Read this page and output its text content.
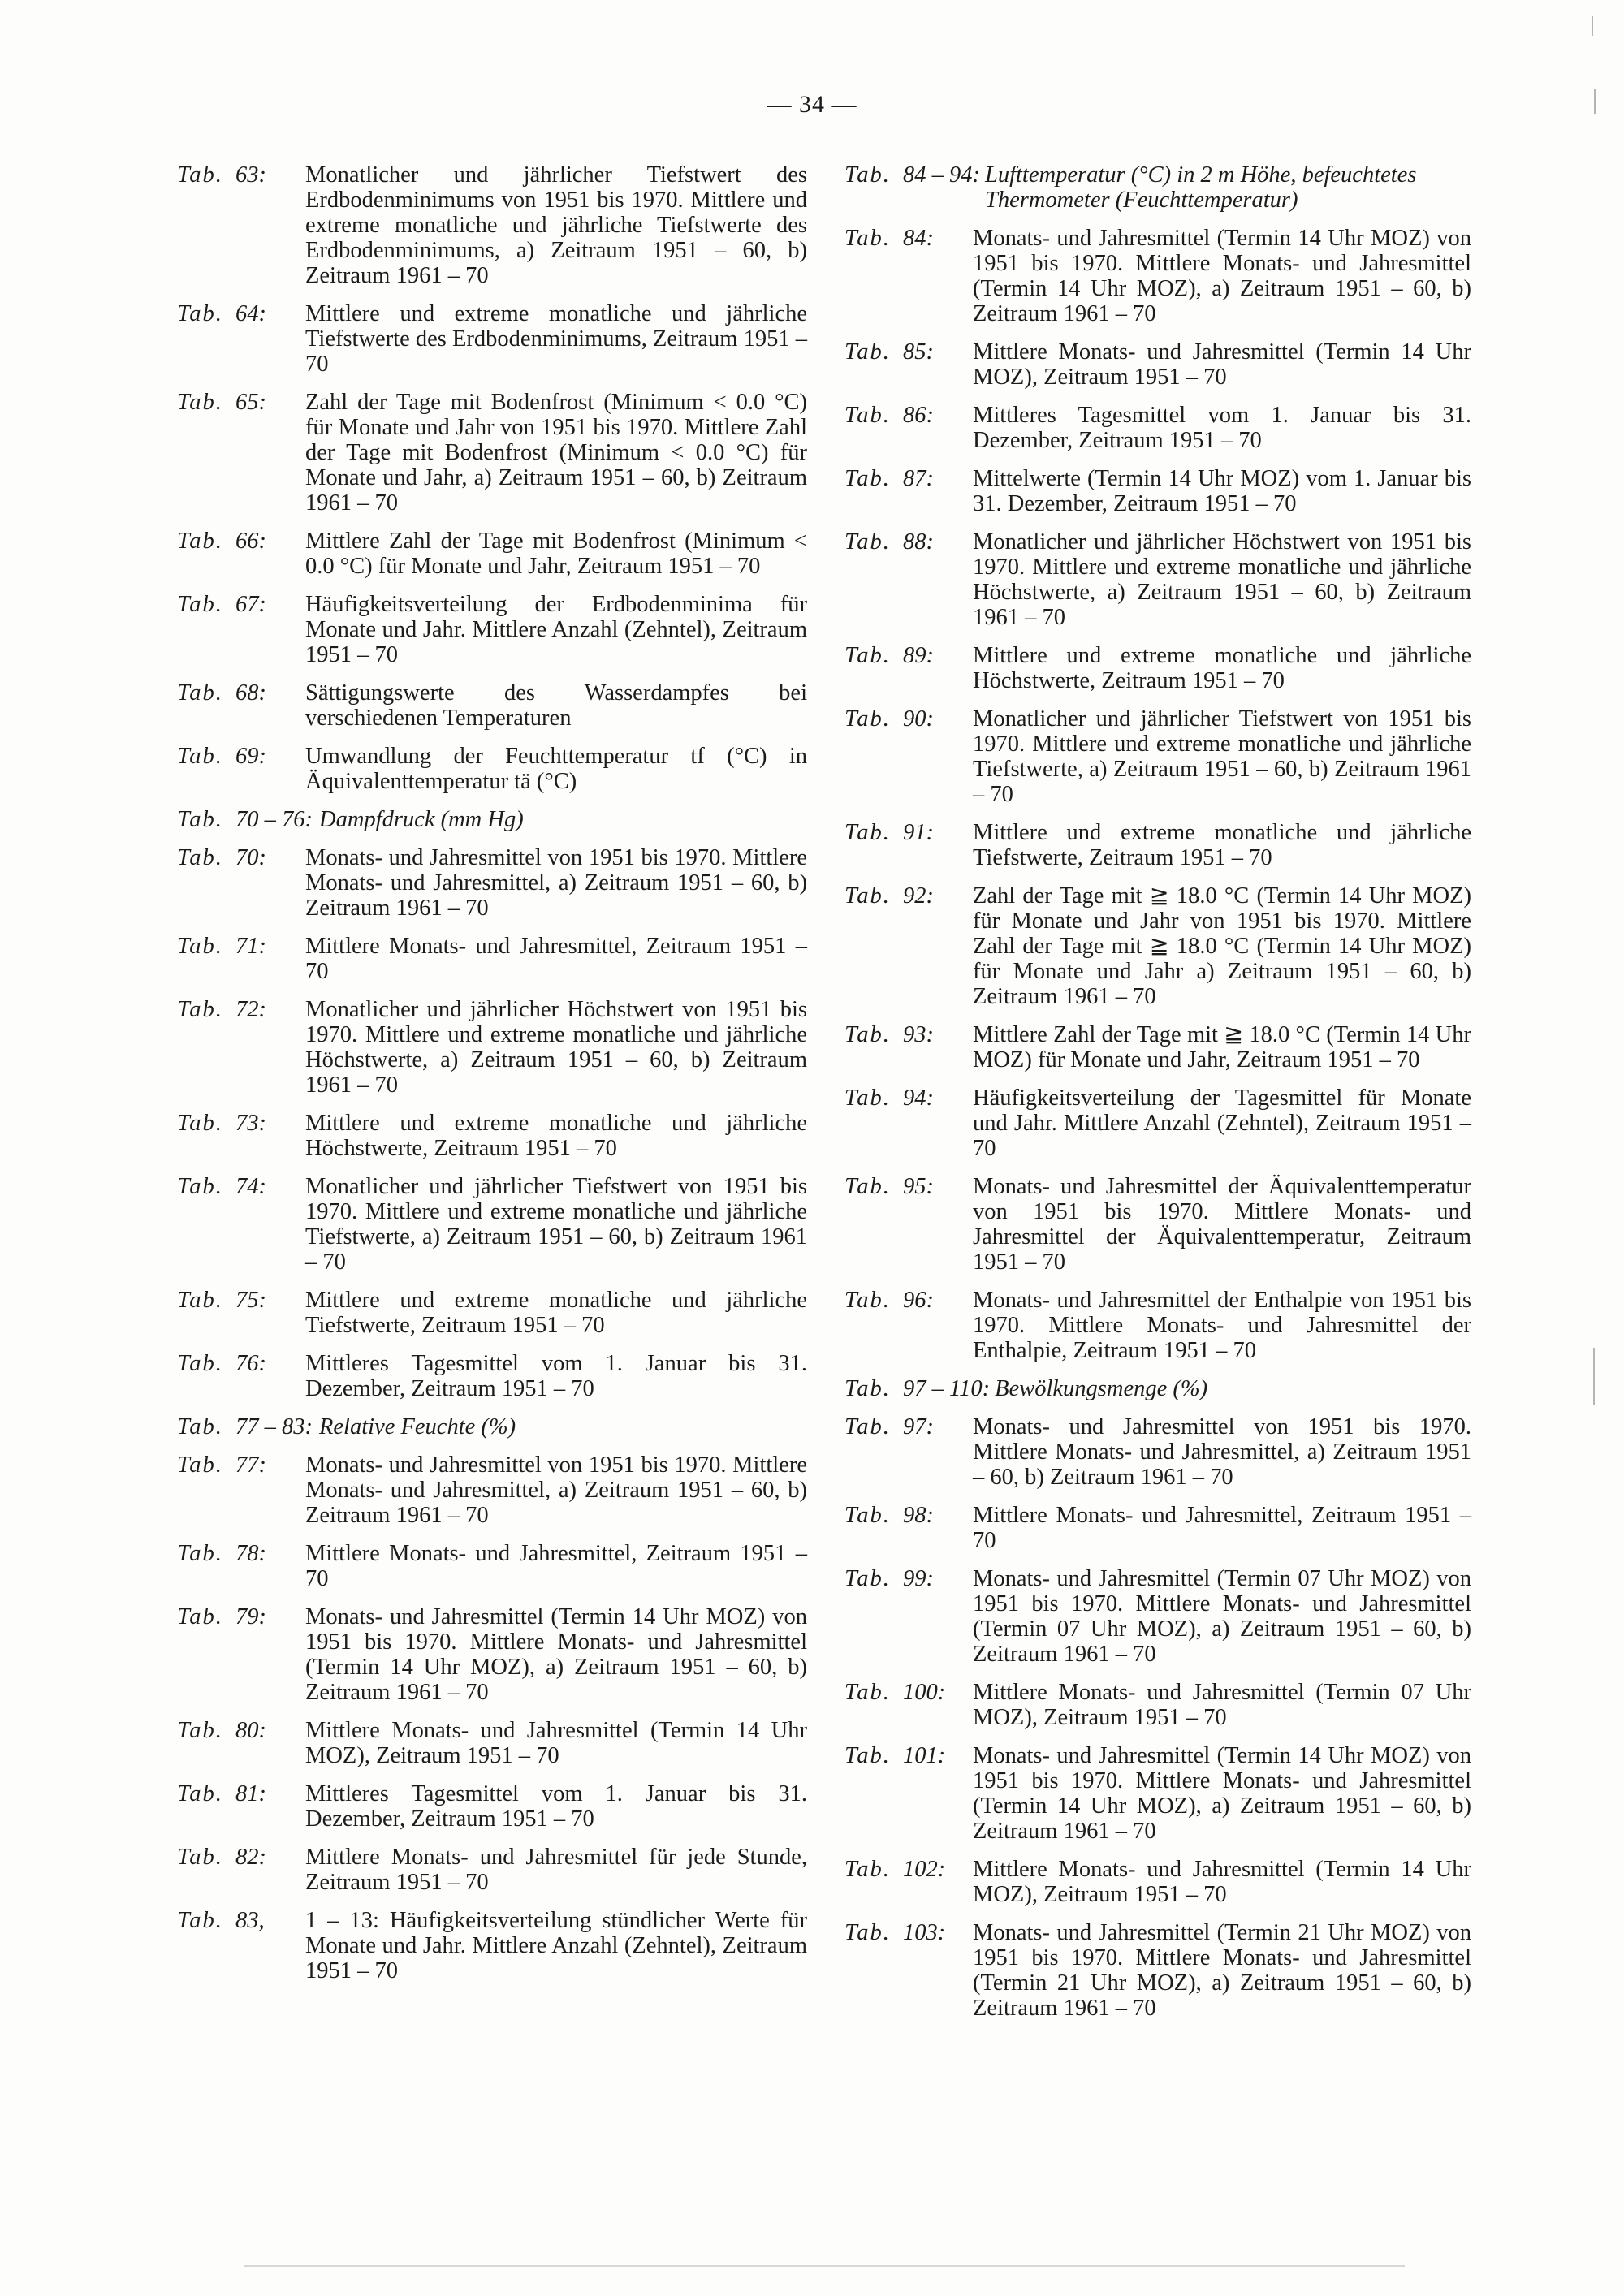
— 34 —
Tab. 63:	Monatlicher und jährlicher Tiefstwert des Erdbodenminimums von 1951 bis 1970. Mittlere und extreme monatliche und jährliche Tiefstwerte des Erdbodenminimums, a) Zeitraum 1951 – 60, b) Zeitraum 1961 – 70
Tab. 64:	Mittlere und extreme monatliche und jährliche Tiefstwerte des Erdbodenminimums, Zeitraum 1951 – 70
Tab. 65:	Zahl der Tage mit Bodenfrost (Minimum < 0.0 °C) für Monate und Jahr von 1951 bis 1970. Mittlere Zahl der Tage mit Bodenfrost (Minimum < 0.0 °C) für Monate und Jahr, a) Zeitraum 1951 – 60, b) Zeitraum 1961 – 70
Tab. 66:	Mittlere Zahl der Tage mit Bodenfrost (Minimum < 0.0 °C) für Monate und Jahr, Zeitraum 1951 – 70
Tab. 67:	Häufigkeitsverteilung der Erdbodenminima für Monate und Jahr. Mittlere Anzahl (Zehntel), Zeitraum 1951 – 70
Tab. 68:	Sättigungswerte des Wasserdampfes bei verschiedenen Temperaturen
Tab. 69:	Umwandlung der Feuchttemperatur tf (°C) in Äquivalenttemperatur tä (°C)
Tab. 70 – 76: Dampfdruck (mm Hg)
Tab. 70:	Monats- und Jahresmittel von 1951 bis 1970. Mittlere Monats- und Jahresmittel, a) Zeitraum 1951 – 60, b) Zeitraum 1961 – 70
Tab. 71:	Mittlere Monats- und Jahresmittel, Zeitraum 1951 – 70
Tab. 72:	Monatlicher und jährlicher Höchstwert von 1951 bis 1970. Mittlere und extreme monatliche und jährliche Höchstwerte, a) Zeitraum 1951 – 60, b) Zeitraum 1961 – 70
Tab. 73:	Mittlere und extreme monatliche und jährliche Höchstwerte, Zeitraum 1951 – 70
Tab. 74:	Monatlicher und jährlicher Tiefstwert von 1951 bis 1970. Mittlere und extreme monatliche und jährliche Tiefstwerte, a) Zeitraum 1951 – 60, b) Zeitraum 1961 – 70
Tab. 75:	Mittlere und extreme monatliche und jährliche Tiefstwerte, Zeitraum 1951 – 70
Tab. 76:	Mittleres Tagesmittel vom 1. Januar bis 31. Dezember, Zeitraum 1951 – 70
Tab. 77 – 83: Relative Feuchte (%)
Tab. 77:	Monats- und Jahresmittel von 1951 bis 1970. Mittlere Monats- und Jahresmittel, a) Zeitraum 1951 – 60, b) Zeitraum 1961 – 70
Tab. 78:	Mittlere Monats- und Jahresmittel, Zeitraum 1951 – 70
Tab. 79:	Monats- und Jahresmittel (Termin 14 Uhr MOZ) von 1951 bis 1970. Mittlere Monats- und Jahresmittel (Termin 14 Uhr MOZ), a) Zeitraum 1951 – 60, b) Zeitraum 1961 – 70
Tab. 80:	Mittlere Monats- und Jahresmittel (Termin 14 Uhr MOZ), Zeitraum 1951 – 70
Tab. 81:	Mittleres Tagesmittel vom 1. Januar bis 31. Dezember, Zeitraum 1951 – 70
Tab. 82:	Mittlere Monats- und Jahresmittel für jede Stunde, Zeitraum 1951 – 70
Tab. 83,	1 – 13: Häufigkeitsverteilung stündlicher Werte für Monate und Jahr. Mittlere Anzahl (Zehntel), Zeitraum 1951 – 70
Tab. 84 – 94: Lufttemperatur (°C) in 2 m Höhe, befeuchtetes Thermometer (Feuchttemperatur)
Tab. 84:	Monats- und Jahresmittel (Termin 14 Uhr MOZ) von 1951 bis 1970. Mittlere Monats- und Jahresmittel (Termin 14 Uhr MOZ), a) Zeitraum 1951 – 60, b) Zeitraum 1961 – 70
Tab. 85:	Mittlere Monats- und Jahresmittel (Termin 14 Uhr MOZ), Zeitraum 1951 – 70
Tab. 86:	Mittleres Tagesmittel vom 1. Januar bis 31. Dezember, Zeitraum 1951 – 70
Tab. 87:	Mittelwerte (Termin 14 Uhr MOZ) vom 1. Januar bis 31. Dezember, Zeitraum 1951 – 70
Tab. 88:	Monatlicher und jährlicher Höchstwert von 1951 bis 1970. Mittlere und extreme monatliche und jährliche Höchstwerte, a) Zeitraum 1951 – 60, b) Zeitraum 1961 – 70
Tab. 89:	Mittlere und extreme monatliche und jährliche Höchstwerte, Zeitraum 1951 – 70
Tab. 90:	Monatlicher und jährlicher Tiefstwert von 1951 bis 1970. Mittlere und extreme monatliche und jährliche Tiefstwerte, a) Zeitraum 1951 – 60, b) Zeitraum 1961 – 70
Tab. 91:	Mittlere und extreme monatliche und jährliche Tiefstwerte, Zeitraum 1951 – 70
Tab. 92:	Zahl der Tage mit ≧ 18.0 °C (Termin 14 Uhr MOZ) für Monate und Jahr von 1951 bis 1970. Mittlere Zahl der Tage mit ≧ 18.0 °C (Termin 14 Uhr MOZ) für Monate und Jahr a) Zeitraum 1951 – 60, b) Zeitraum 1961 – 70
Tab. 93:	Mittlere Zahl der Tage mit ≧ 18.0 °C (Termin 14 Uhr MOZ) für Monate und Jahr, Zeitraum 1951 – 70
Tab. 94:	Häufigkeitsverteilung der Tagesmittel für Monate und Jahr. Mittlere Anzahl (Zehntel), Zeitraum 1951 – 70
Tab. 95:	Monats- und Jahresmittel der Äquivalenttemperatur von 1951 bis 1970. Mittlere Monats- und Jahresmittel der Äquivalenttemperatur, Zeitraum 1951 – 70
Tab. 96:	Monats- und Jahresmittel der Enthalpie von 1951 bis 1970. Mittlere Monats- und Jahresmittel der Enthalpie, Zeitraum 1951 – 70
Tab. 97 – 110: Bewölkungsmenge (%)
Tab. 97:	Monats- und Jahresmittel von 1951 bis 1970. Mittlere Monats- und Jahresmittel, a) Zeitraum 1951 – 60, b) Zeitraum 1961 – 70
Tab. 98:	Mittlere Monats- und Jahresmittel, Zeitraum 1951 – 70
Tab. 99:	Monats- und Jahresmittel (Termin 07 Uhr MOZ) von 1951 bis 1970. Mittlere Monats- und Jahresmittel (Termin 07 Uhr MOZ), a) Zeitraum 1951 – 60, b) Zeitraum 1961 – 70
Tab. 100:	Mittlere Monats- und Jahresmittel (Termin 07 Uhr MOZ), Zeitraum 1951 – 70
Tab. 101:	Monats- und Jahresmittel (Termin 14 Uhr MOZ) von 1951 bis 1970. Mittlere Monats- und Jahresmittel (Termin 14 Uhr MOZ), a) Zeitraum 1951 – 60, b) Zeitraum 1961 – 70
Tab. 102:	Mittlere Monats- und Jahresmittel (Termin 14 Uhr MOZ), Zeitraum 1951 – 70
Tab. 103:	Monats- und Jahresmittel (Termin 21 Uhr MOZ) von 1951 bis 1970. Mittlere Monats- und Jahresmittel (Termin 21 Uhr MOZ), a) Zeitraum 1951 – 60, b) Zeitraum 1961 – 70
